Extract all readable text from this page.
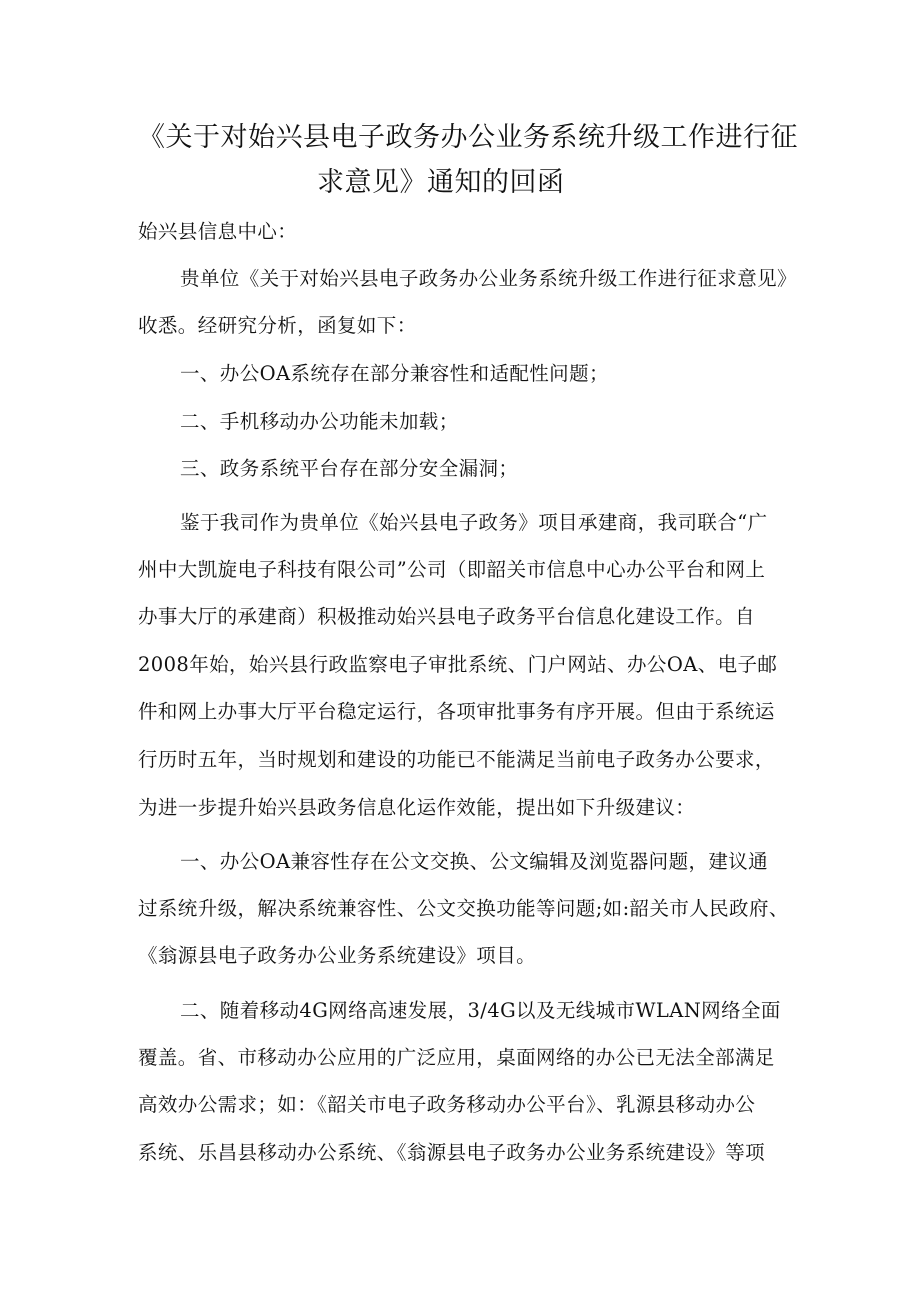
《关于对始兴县电子政务办公业务系统升级工作进行征
求意见》通知的回函
始兴县信息中心：
贵单位《关于对始兴县电子政务办公业务系统升级工作进行征求意见》
收悉。经研究分析，函复如下：
一、办公OA系统存在部分兼容性和适配性问题；
二、手机移动办公功能未加载；
三、政务系统平台存在部分安全漏洞；
鉴于我司作为贵单位《始兴县电子政务》项目承建商，我司联合“广
州中大凯旋电子科技有限公司”公司（即韶关市信息中心办公平台和网上
办事大厅的承建商）积极推动始兴县电子政务平台信息化建设工作。自
2008年始，始兴县行政监察电子审批系统、门户网站、办公OA、电子邮
件和网上办事大厅平台稳定运行，各项审批事务有序开展。但由于系统运
行历时五年，当时规划和建设的功能已不能满足当前电子政务办公要求，
为进一步提升始兴县政务信息化运作效能，提出如下升级建议：
一、办公OA兼容性存在公文交换、公文编辑及浏览器问题，建议通
过系统升级，解决系统兼容性、公文交换功能等问题;如:韶关市人民政府、
《翁源县电子政务办公业务系统建设》项目。
二、随着移动4G网络高速发展，3/4G以及无线城市WLAN网络全面
覆盖。省、市移动办公应用的广泛应用，桌面网络的办公已无法全部满足
高效办公需求；如：《韶关市电子政务移动办公平台》、乳源县移动办公
系统、乐昌县移动办公系统、《翁源县电子政务办公业务系统建设》等项
